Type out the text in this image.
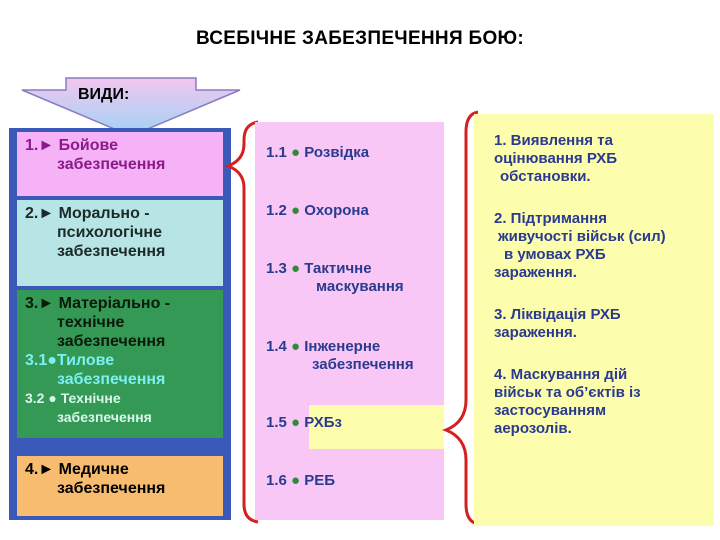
ВСЕБІЧНЕ ЗАБЕЗПЕЧЕННЯ БОЮ:
ВИДИ:
1.► Бойове
забезпечення
2.► Морально -
психологічне
забезпечення
3.► Матеріально -
технічне
забезпечення
3.1●Тилове
забезпечення
3.2 ● Технічне
забезпечення
4.► Медичне
забезпечення
1.1 ● Розвідка
1.2 ● Охорона
1.3 ● Тактичне
маскування
1.4 ● Інженерне
забезпечення
1.5 ● РХБз
1.6 ● РЕБ
1. Виявлення та
оцінювання РХБ
обстановки.
2. Підтримання
живучості військ (сил)
в умовах РХБ
зараження.
3. Ліквідація РХБ
зараження.
4. Маскування дій
військ та об’єктів із
застосуванням
аерозолів.
